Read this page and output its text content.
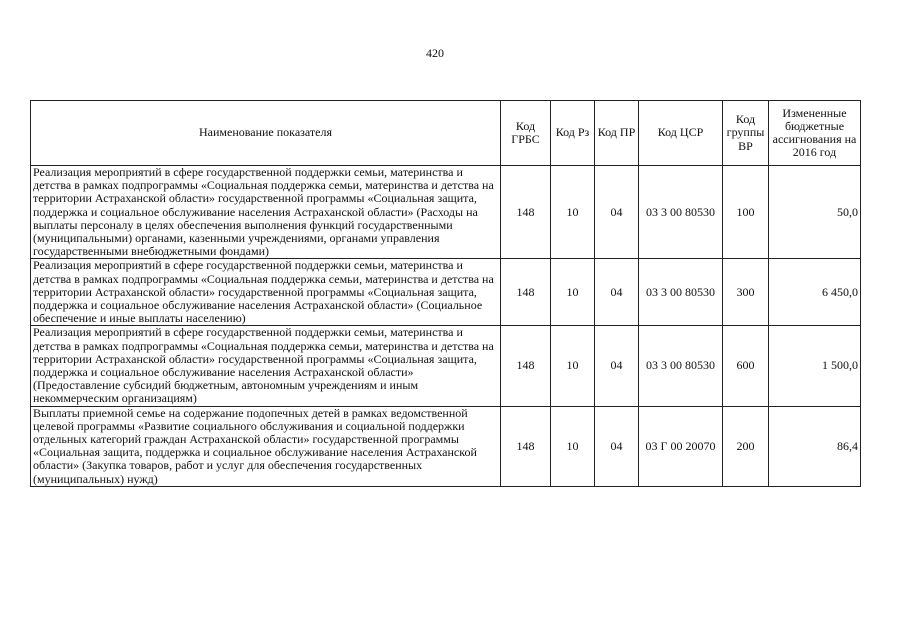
420
Наименование показателя	Код ГРБС	Код Рз	Код ПР	Код ЦСР	Код группы ВР	Измененные бюджетные ассигнования на 2016 год
Реализация мероприятий в сфере государственной поддержки семьи, материнства и детства в рамках подпрограммы «Социальная поддержка семьи, материнства и детства на территории Астраханской области» государственной программы «Социальная защита, поддержка и социальное обслуживание населения Астраханской области» (Расходы на выплаты персоналу в целях обеспечения выполнения функций государственными (муниципальными) органами, казенными учреждениями, органами управления государственными внебюджетными фондами)	148	10	04	03 3 00 80530	100	50,0
Реализация мероприятий в сфере государственной поддержки семьи, материнства и детства в рамках подпрограммы «Социальная поддержка семьи, материнства и детства на территории Астраханской области» государственной программы «Социальная защита, поддержка и социальное обслуживание населения Астраханской области» (Социальное обеспечение и иные выплаты населению)	148	10	04	03 3 00 80530	300	6 450,0
Реализация мероприятий в сфере государственной поддержки семьи, материнства и детства в рамках подпрограммы «Социальная поддержка семьи, материнства и детства на территории Астраханской области» государственной программы «Социальная защита, поддержка и социальное обслуживание населения Астраханской области» (Предоставление субсидий бюджетным, автономным учреждениям и иным некоммерческим организациям)	148	10	04	03 3 00 80530	600	1 500,0
Выплаты приемной семье на содержание подопечных детей в рамках ведомственной целевой программы «Развитие социального обслуживания и социальной поддержки отдельных категорий граждан Астраханской области» государственной программы «Социальная защита, поддержка и социальное обслуживание населения Астраханской области» (Закупка товаров, работ и услуг для обеспечения государственных (муниципальных) нужд)	148	10	04	03 Г 00 20070	200	86,4
